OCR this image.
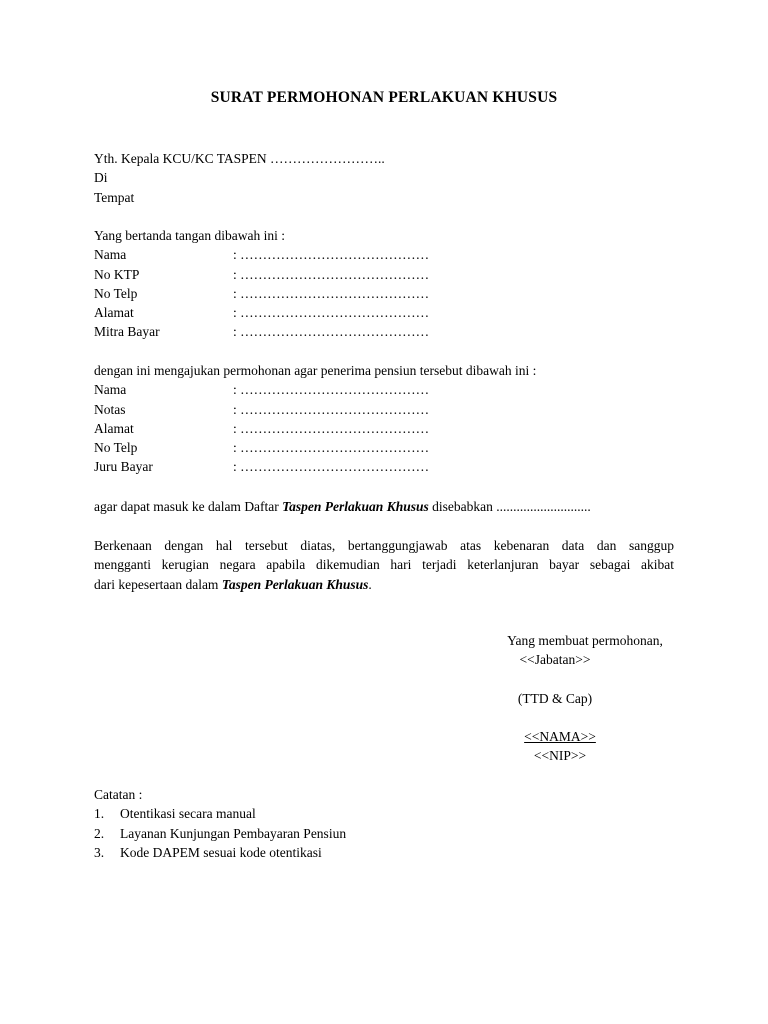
SURAT PERMOHONAN PERLAKUAN KHUSUS
Yth. Kepala KCU/KC TASPEN ……………………..
Di
Tempat
Yang bertanda tangan dibawah ini :
Nama	: ……………………………………
No KTP	: ……………………………………
No Telp	: ……………………………………
Alamat	: ……………………………………
Mitra Bayar	: ……………………………………
dengan ini mengajukan permohonan agar penerima pensiun tersebut dibawah ini :
Nama	: ……………………………………
Notas	: ……………………………………
Alamat	: ……………………………………
No Telp	: ……………………………………
Juru Bayar	: ……………………………………
agar dapat masuk ke dalam Daftar Taspen Perlakuan Khusus disebabkan ............................
Berkenaan dengan hal tersebut diatas, bertanggungjawab atas kebenaran data dan sanggup
mengganti kerugian negara apabila dikemudian hari terjadi keterlanjuran bayar sebagai akibat
dari kepesertaan dalam Taspen Perlakuan Khusus.
Yang membuat permohonan,
<<Jabatan>>
(TTD & Cap)
<<NAMA>>
<<NIP>>
Catatan :
1.	Otentikasi secara manual
2.	Layanan Kunjungan Pembayaran Pensiun
3.	Kode DAPEM sesuai kode otentikasi
